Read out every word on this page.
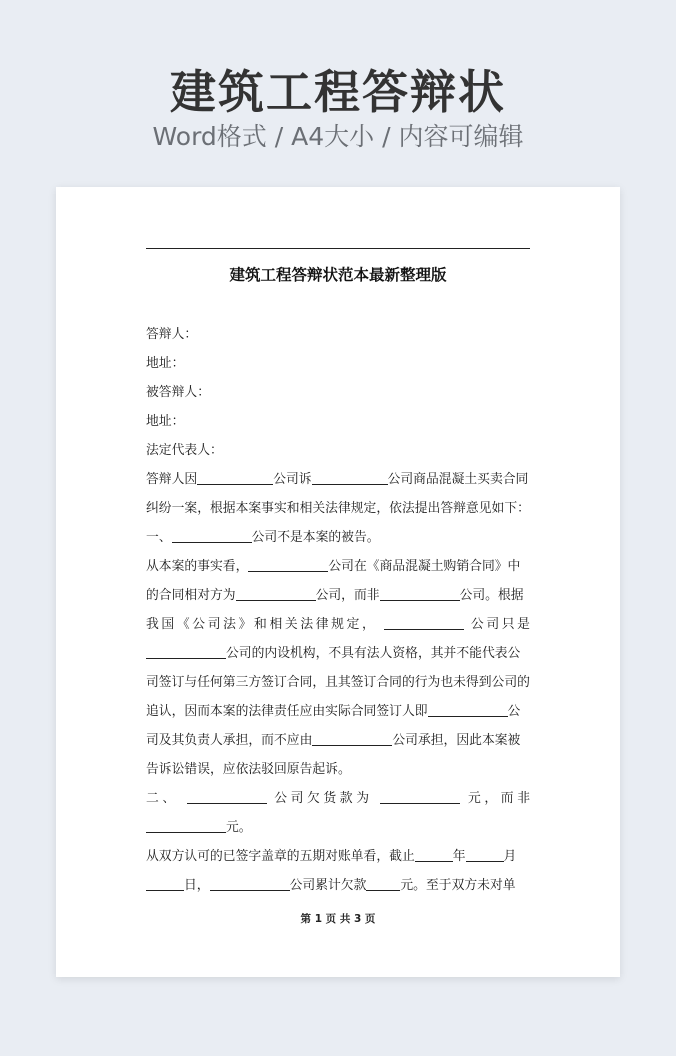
建筑工程答辩状
Word格式 / A4大小 / 内容可编辑
建筑工程答辩状范本最新整理版
答辩人：
地址：
被答辩人：
地址：
法定代表人：
答辩人因	公司诉	公司商品混凝土买卖合同
纠纷一案，根据本案事实和相关法律规定，依法提出答辩意见如下：
一、	公司不是本案的被告。
从本案的事实看，	公司在《商品混凝土购销合同》中
的合同相对方为	公司，而非	公司。根据
我国《公司法》和相关法律规定，	公司只是
公司的内设机构，不具有法人资格，其并不能代表公
司签订与任何第三方签订合同，且其签订合同的行为也未得到公司的
追认，因而本案的法律责任应由实际合同签订人即	公
司及其负责人承担，而不应由	公司承担，因此本案被
告诉讼错误，应依法驳回原告起诉。
二、	公司欠货款为	元，而非
元。
从双方认可的已签字盖章的五期对账单看，截止	年	月
日，	公司累计欠款	元。至于双方未对单
第 1 页 共 3 页
